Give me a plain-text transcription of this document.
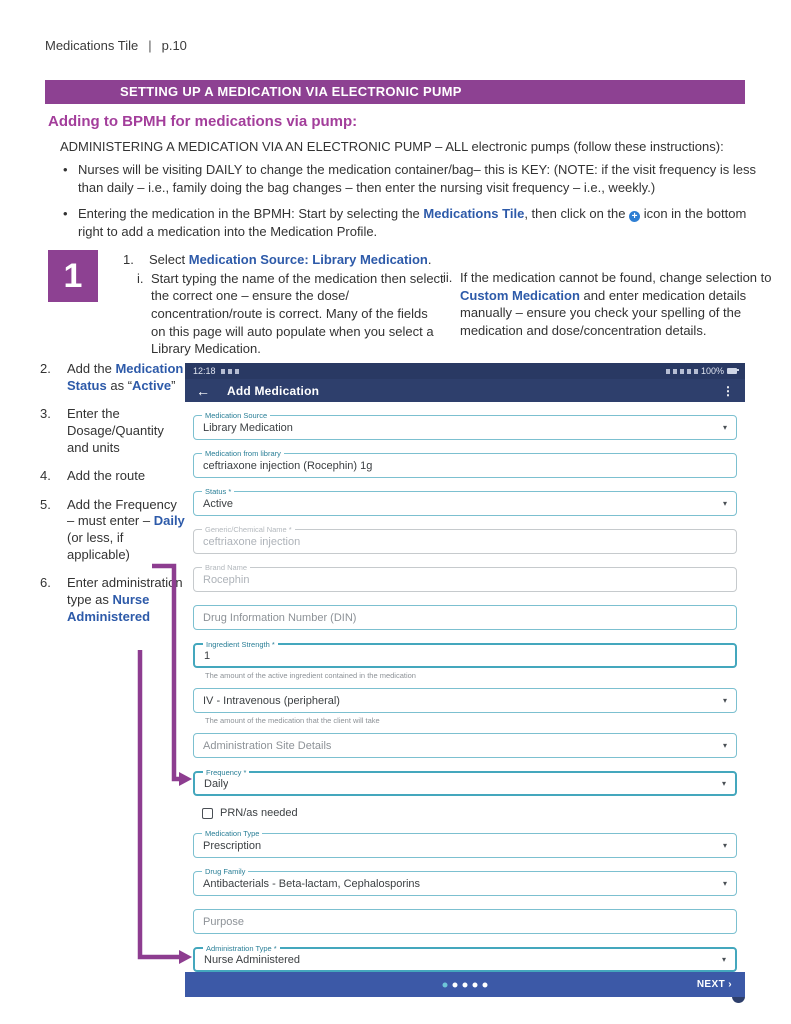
Medications Tile | p.10
SETTING UP A MEDICATION VIA ELECTRONIC PUMP
Adding to BPMH for medications via pump:
ADMINISTERING A MEDICATION VIA AN ELECTRONIC PUMP – ALL electronic pumps (follow these instructions):
• Nurses will be visiting DAILY to change the medication container/bag– this is KEY: (NOTE: if the visit frequency is less than daily – i.e., family doing the bag changes – then enter the nursing visit frequency – i.e., weekly.)
• Entering the medication in the BPMH: Start by selecting the Medications Tile, then click on the + icon in the bottom right to add a medication into the Medication Profile.
1	1.	Select Medication Source: Library Medication.
i. Start typing the name of the medication then select the correct one – ensure the dose/ concentration/route is correct. Many of the fields on this page will auto populate when you select a Library Medication.
ii. If the medication cannot be found, change selection to Custom Medication and enter medication details manually – ensure you check your spelling of the medication and dose/concentration details.
2.	Add the Medication Status as “Active”
3.	Enter the Dosage/Quantity and units
4.	Add the route
5.	Add the Frequency – must enter – Daily (or less, if applicable)
6.	Enter administration type as Nurse Administered
12:18	100%
← Add Medication	⋮
Medication Source
Library Medication	▾
Medication from library
ceftriaxone injection (Rocephin) 1g
Status *
Active	▾
Generic/Chemical Name *
ceftriaxone injection
Brand Name
Rocephin
Drug Information Number (DIN)
Ingredient Strength *
1
The amount of the active ingredient contained in the medication
IV - Intravenous (peripheral)	▾
The amount of the medication that the client will take
Administration Site Details	▾
Frequency *
Daily	▾
PRN/as needed
Medication Type
Prescription	▾
Drug Family
Antibacterials - Beta-lactam, Cephalosporins	▾
Purpose
Administration Type *
Nurse Administered	▾
NEXT ›
